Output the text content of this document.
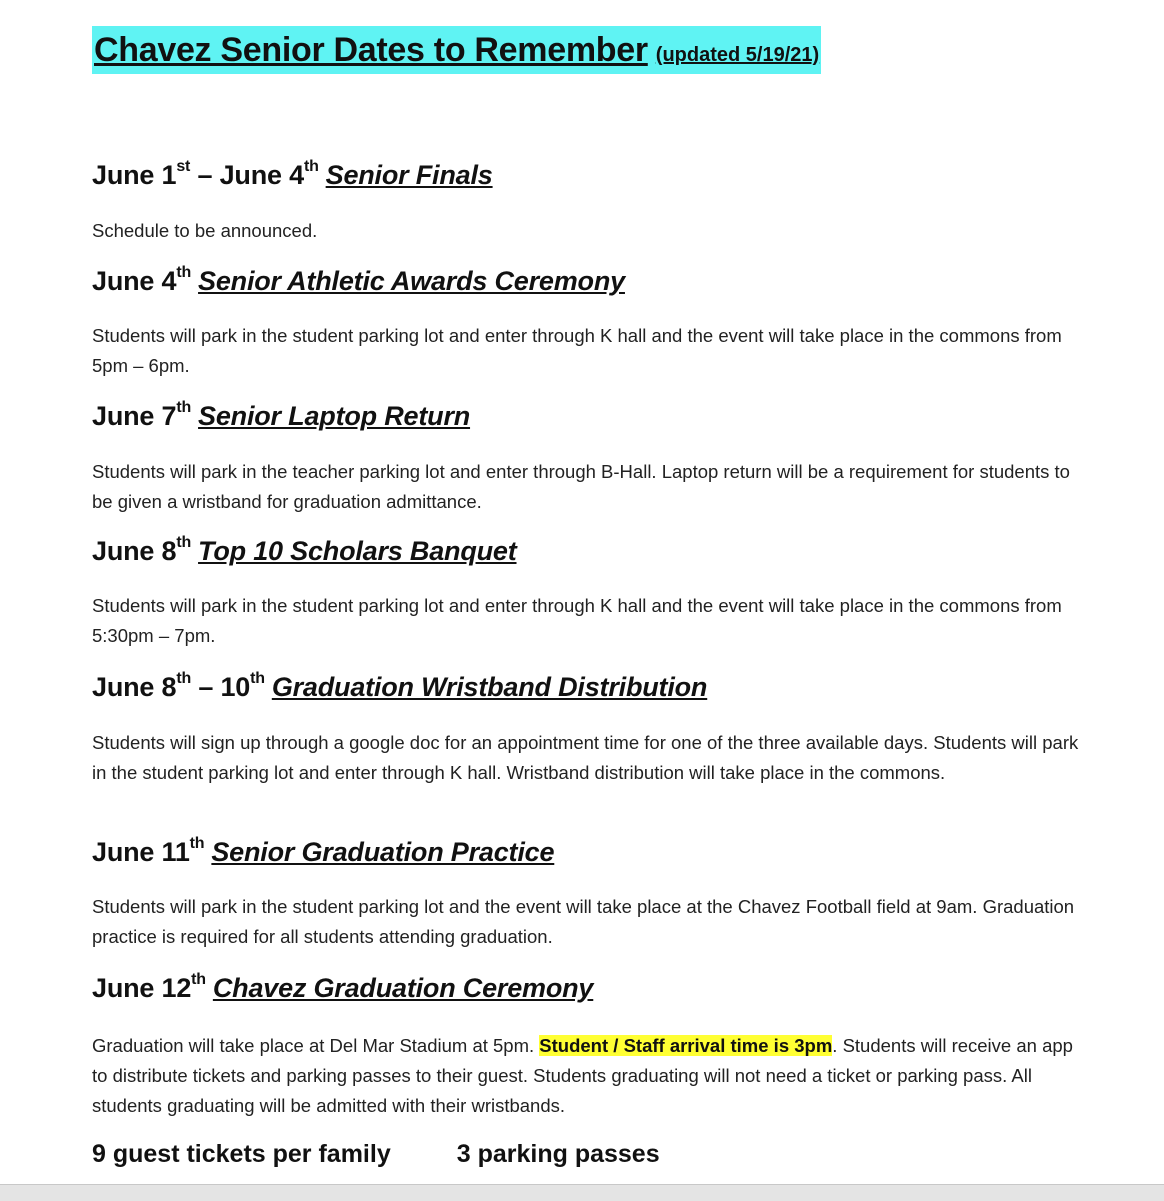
Chavez Senior Dates to Remember (updated 5/19/21)
June 1st – June 4th Senior Finals
Schedule to be announced.
June 4th Senior Athletic Awards Ceremony
Students will park in the student parking lot and enter through K hall and the event will take place in the commons from 5pm – 6pm.
June 7th Senior Laptop Return
Students will park in the teacher parking lot and enter through B-Hall. Laptop return will be a requirement for students to be given a wristband for graduation admittance.
June 8th Top 10 Scholars Banquet
Students will park in the student parking lot and enter through K hall and the event will take place in the commons from 5:30pm – 7pm.
June 8th – 10th Graduation Wristband Distribution
Students will sign up through a google doc for an appointment time for one of the three available days. Students will park in the student parking lot and enter through K hall. Wristband distribution will take place in the commons.
June 11th Senior Graduation Practice
Students will park in the student parking lot and the event will take place at the Chavez Football field at 9am. Graduation practice is required for all students attending graduation.
June 12th Chavez Graduation Ceremony
Graduation will take place at Del Mar Stadium at 5pm. Student / Staff arrival time is 3pm. Students will receive an app to distribute tickets and parking passes to their guest. Students graduating will not need a ticket or parking pass. All students graduating will be admitted with their wristbands.
9 guest tickets per family	3 parking passes
